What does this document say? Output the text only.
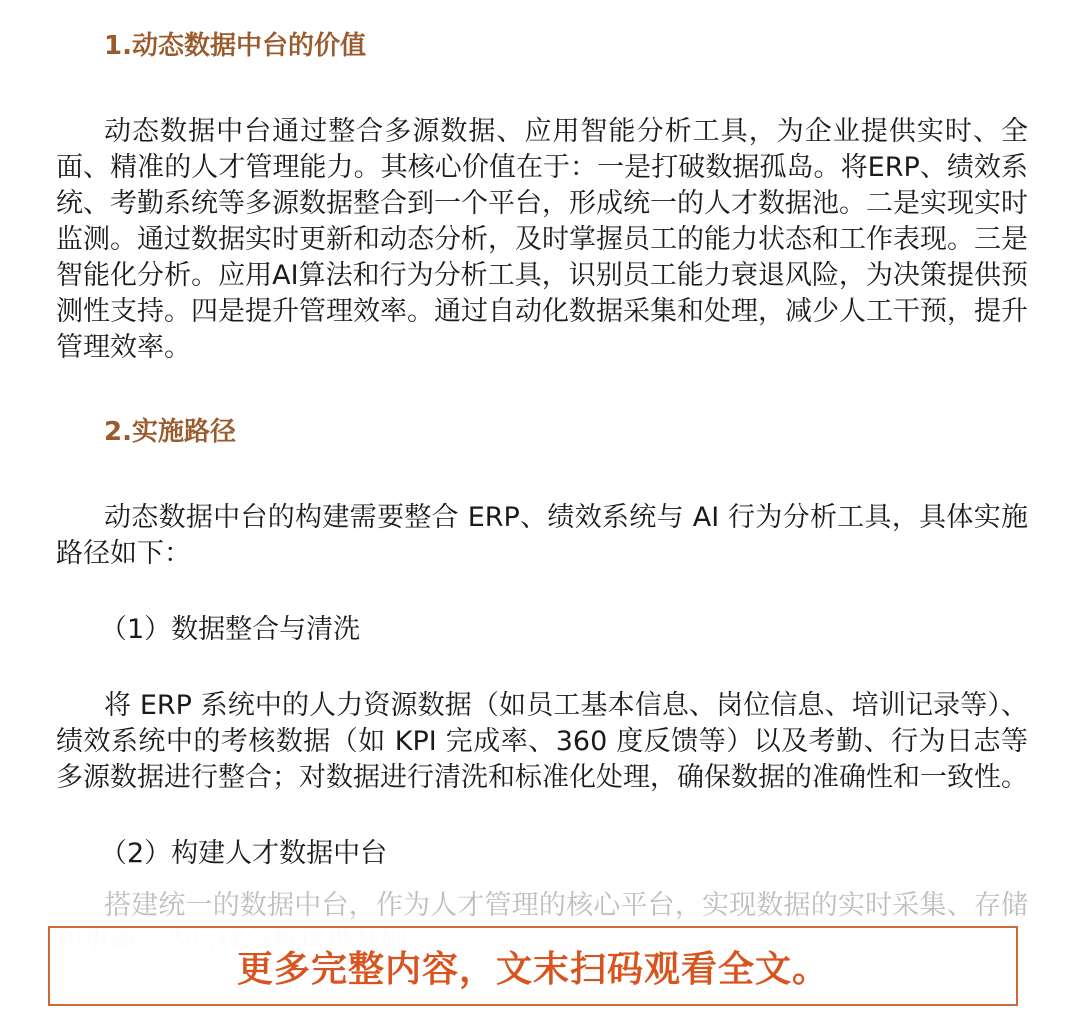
1.动态数据中台的价值

动态数据中台通过整合多源数据、应用智能分析工具，为企业提供实时、全面、精准的人才管理能力。其核心价值在于：一是打破数据孤岛。将ERP、绩效系统、考勤系统等多源数据整合到一个平台，形成统一的人才数据池。二是实现实时监测。通过数据实时更新和动态分析，及时掌握员工的能力状态和工作表现。三是智能化分析。应用AI算法和行为分析工具，识别员工能力衰退风险，为决策提供预测性支持。四是提升管理效率。通过自动化数据采集和处理，减少人工干预，提升管理效率。

2.实施路径

动态数据中台的构建需要整合 ERP、绩效系统与 AI 行为分析工具，具体实施路径如下：

（1）数据整合与清洗

将 ERP 系统中的人力资源数据（如员工基本信息、岗位信息、培训记录等）、绩效系统中的考核数据（如 KPI 完成率、360 度反馈等）以及考勤、行为日志等多源数据进行整合；对数据进行清洗和标准化处理，确保数据的准确性和一致性。

（2）构建人才数据中台

搭建统一的数据中台，作为人才管理的核心平台，实现数据的实时采集、存储

更多完整内容，文末扫码观看全文。
